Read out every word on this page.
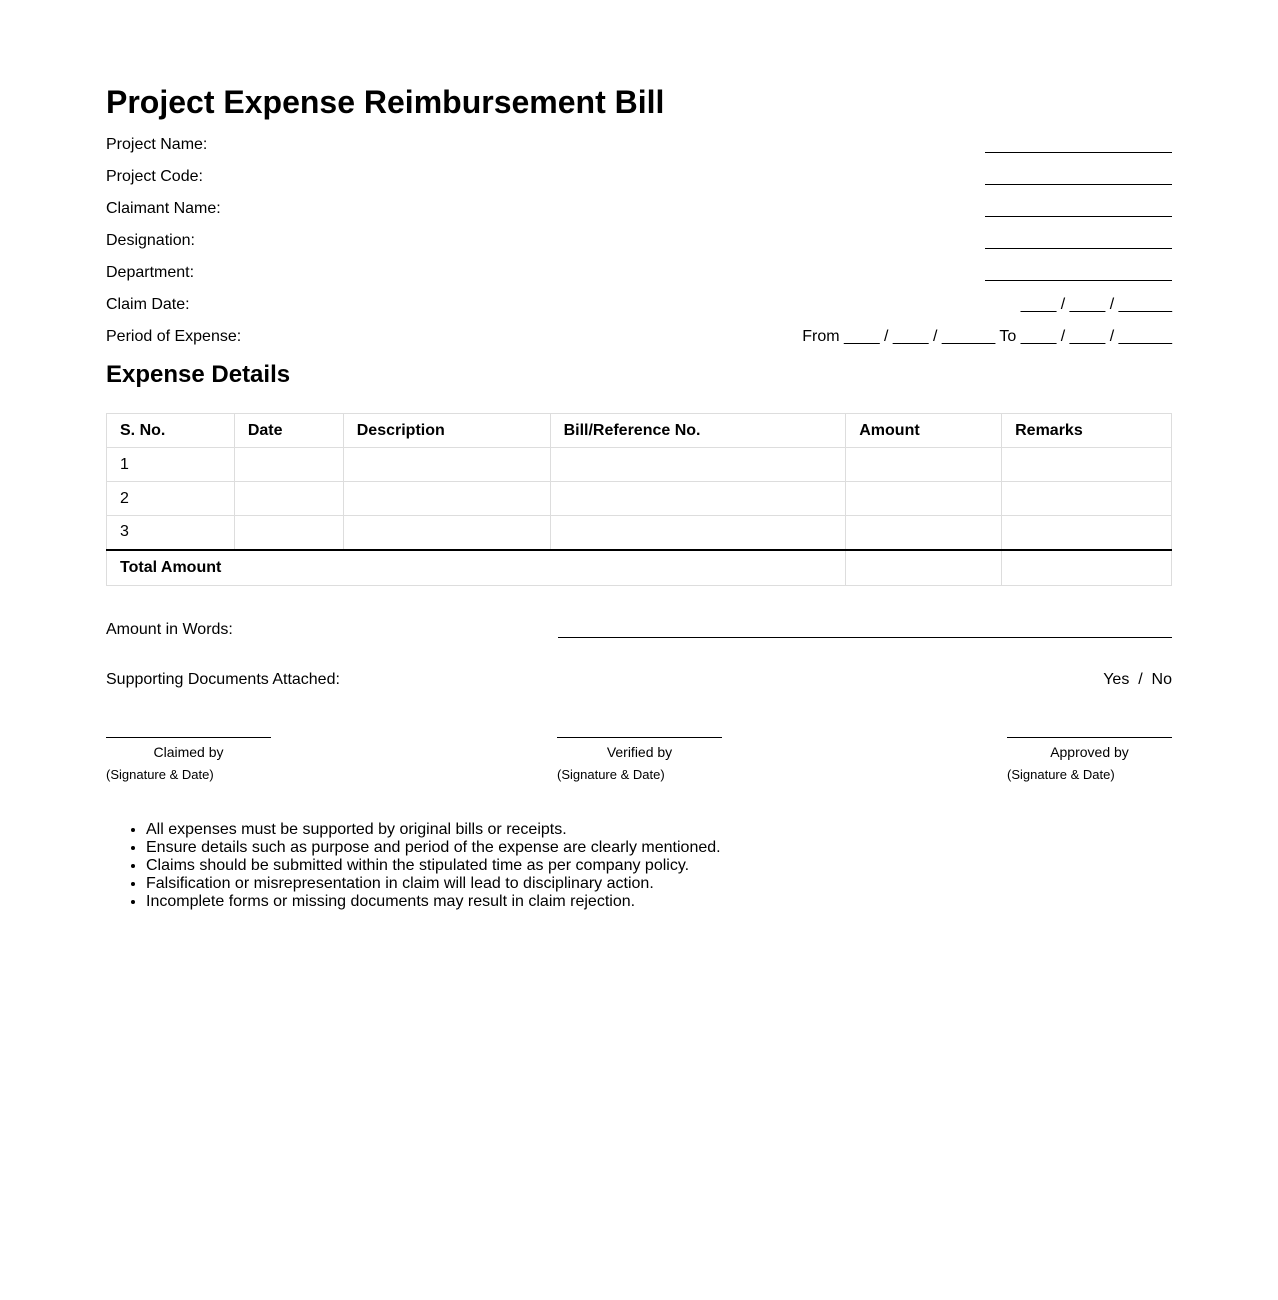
Project Expense Reimbursement Bill
Project Name:
Project Code:
Claimant Name:
Designation:
Department:
Claim Date:	____ / ____ / ______
Period of Expense:	From ____ / ____ / ______ To ____ / ____ / ______
Expense Details
S. No.	Date	Description	Bill/Reference No.	Amount	Remarks
1					
2					
3					
Total Amount					
Amount in Words:
Supporting Documents Attached:	Yes  /  No
Claimed by
(Signature & Date)
Verified by
(Signature & Date)
Approved by
(Signature & Date)
• All expenses must be supported by original bills or receipts.
• Ensure details such as purpose and period of the expense are clearly mentioned.
• Claims should be submitted within the stipulated time as per company policy.
• Falsification or misrepresentation in claim will lead to disciplinary action.
• Incomplete forms or missing documents may result in claim rejection.
